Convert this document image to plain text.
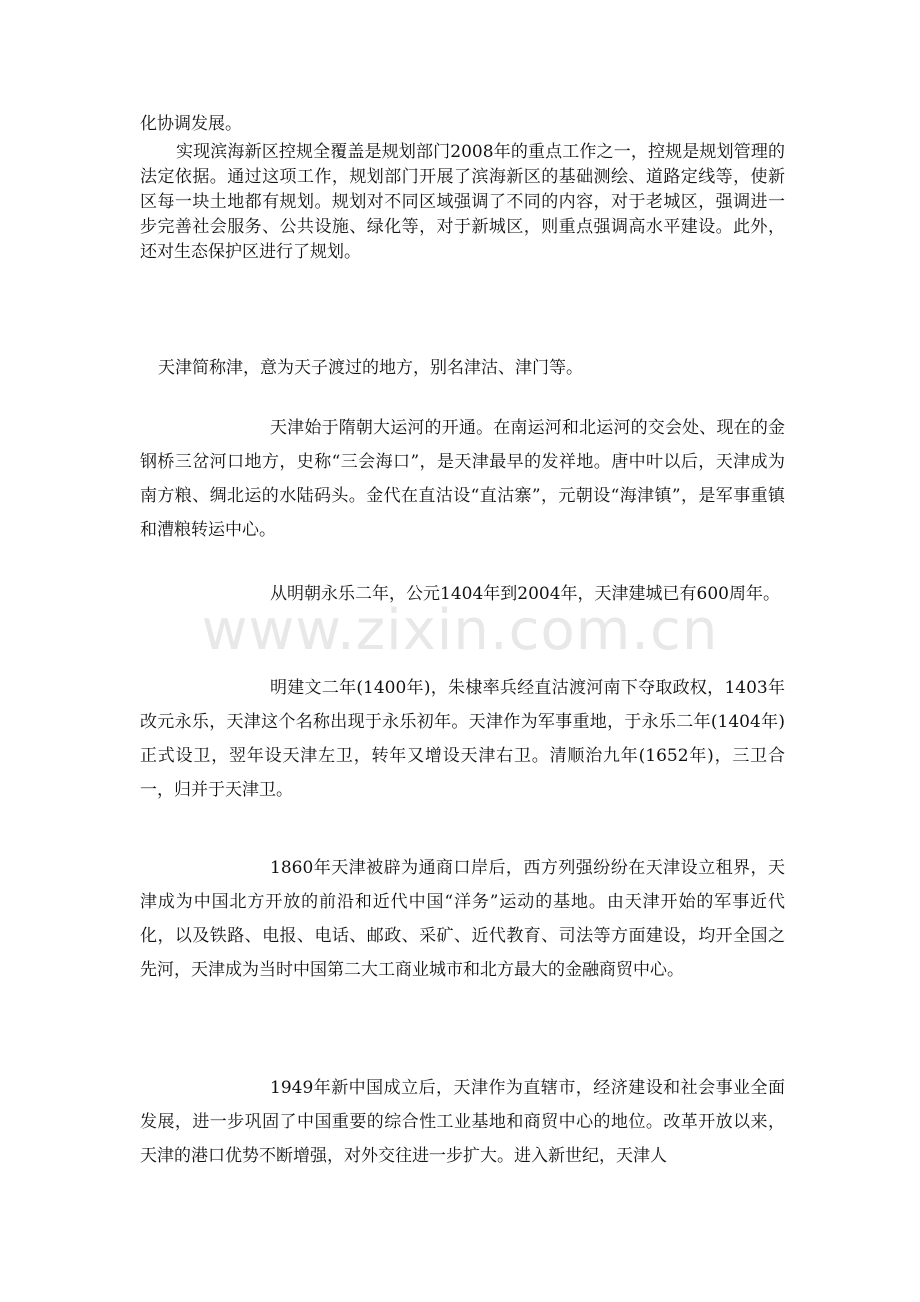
化协调发展。

实现滨海新区控规全覆盖是规划部门2008年的重点工作之一，控规是规划管理的法定依据。通过这项工作，规划部门开展了滨海新区的基础测绘、道路定线等，使新区每一块土地都有规划。规划对不同区域强调了不同的内容，对于老城区，强调进一步完善社会服务、公共设施、绿化等，对于新城区，则重点强调高水平建设。此外，还对生态保护区进行了规划。

天津简称津，意为天子渡过的地方，别名津沽、津门等。

天津始于隋朝大运河的开通。在南运河和北运河的交会处、现在的金钢桥三岔河口地方，史称“三会海口”，是天津最早的发祥地。唐中叶以后，天津成为南方粮、绸北运的水陆码头。金代在直沽设“直沽寨”，元朝设“海津镇”，是军事重镇和漕粮转运中心。

从明朝永乐二年，公元1404年到2004年，天津建城已有600周年。

明建文二年(1400年)，朱棣率兵经直沽渡河南下夺取政权，1403年改元永乐，天津这个名称出现于永乐初年。天津作为军事重地，于永乐二年(1404年)正式设卫，翌年设天津左卫，转年又增设天津右卫。清顺治九年(1652年)，三卫合一，归并于天津卫。

1860年天津被辟为通商口岸后，西方列强纷纷在天津设立租界，天津成为中国北方开放的前沿和近代中国“洋务”运动的基地。由天津开始的军事近代化，以及铁路、电报、电话、邮政、采矿、近代教育、司法等方面建设，均开全国之先河，天津成为当时中国第二大工商业城市和北方最大的金融商贸中心。

1949年新中国成立后，天津作为直辖市，经济建设和社会事业全面发展，进一步巩固了中国重要的综合性工业基地和商贸中心的地位。改革开放以来，天津的港口优势不断增强，对外交往进一步扩大。进入新世纪，天津人

www.zixin.com.cn
